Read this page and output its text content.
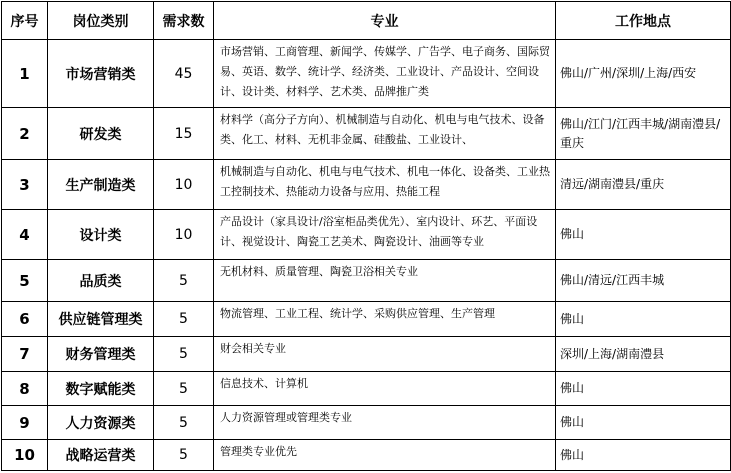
序号	岗位类别	需求数	专业	工作地点
1	市场营销类	45	市场营销、工商管理、新闻学、传媒学、广告学、电子商务、国际贸易、英语、数学、统计学、经济类、工业设计、产品设计、空间设计、设计类、材料学、艺术类、品牌推广类	佛山/广州/深圳/上海/西安
2	研发类	15	材料学（高分子方向）、机械制造与自动化、机电与电气技术、设备类、化工、材料、无机非金属、硅酸盐、工业设计、	佛山/江门/江西丰城/湖南澧县/重庆
3	生产制造类	10	机械制造与自动化、机电与电气技术、机电一体化、设备类、工业热工控制技术、热能动力设备与应用、热能工程	清远/湖南澧县/重庆
4	设计类	10	产品设计（家具设计/浴室柜品类优先）、室内设计、环艺、平面设计、视觉设计、陶瓷工艺美术、陶瓷设计、油画等专业	佛山
5	品质类	5	无机材料、质量管理、陶瓷卫浴相关专业	佛山/清远/江西丰城
6	供应链管理类	5	物流管理、工业工程、统计学、采购供应管理、生产管理	佛山
7	财务管理类	5	财会相关专业	深圳/上海/湖南澧县
8	数字赋能类	5	信息技术、计算机	佛山
9	人力资源类	5	人力资源管理或管理类专业	佛山
10	战略运营类	5	管理类专业优先	佛山
